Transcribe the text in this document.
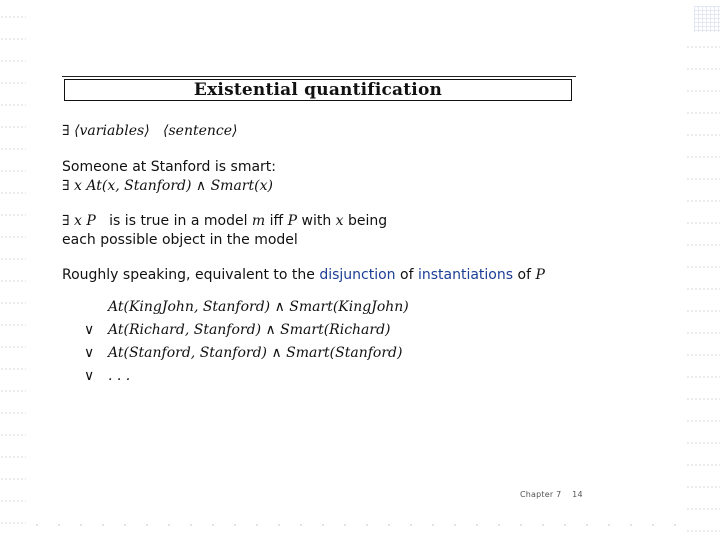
Existential quantification
∃ ⟨variables⟩ ⟨sentence⟩
Someone at Stanford is smart:
∃ x At(x, Stanford) ∧ Smart(x)
∃ x P is is true in a model m iff P with x being
each possible object in the model
Roughly speaking, equivalent to the disjunction of instantiations of P
At(KingJohn, Stanford) ∧ Smart(KingJohn)
∨ At(Richard, Stanford) ∧ Smart(Richard)
∨ At(Stanford, Stanford) ∧ Smart(Stanford)
∨ . . .
Chapter 7 14
